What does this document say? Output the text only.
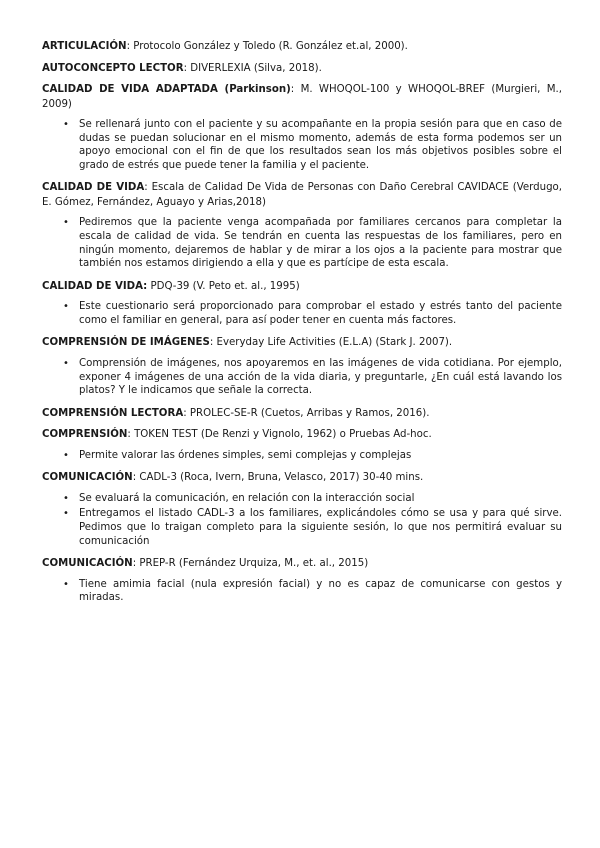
ARTICULACIÓN: Protocolo González y Toledo (R. González et.al, 2000).

AUTOCONCEPTO LECTOR: DIVERLEXIA (Silva, 2018).

CALIDAD DE VIDA ADAPTADA (Parkinson): M. WHOQOL-100 y WHOQOL-BREF (Murgieri, M., 2009)

• Se rellenará junto con el paciente y su acompañante en la propia sesión para que en caso de dudas se puedan solucionar en el mismo momento, además de esta forma podemos ser un apoyo emocional con el fin de que los resultados sean los más objetivos posibles sobre el grado de estrés que puede tener la familia y el paciente.

CALIDAD DE VIDA: Escala de Calidad De Vida de Personas con Daño Cerebral CAVIDACE (Verdugo, E. Gómez, Fernández, Aguayo y Arias,2018)

• Pediremos que la paciente venga acompañada por familiares cercanos para completar la escala de calidad de vida. Se tendrán en cuenta las respuestas de los familiares, pero en ningún momento, dejaremos de hablar y de mirar a los ojos a la paciente para mostrar que también nos estamos dirigiendo a ella y que es partícipe de esta escala.

CALIDAD DE VIDA: PDQ-39 (V. Peto et. al., 1995)

• Este cuestionario será proporcionado para comprobar el estado y estrés tanto del paciente como el familiar en general, para así poder tener en cuenta más factores.

COMPRENSIÓN DE IMÁGENES: Everyday Life Activities (E.L.A) (Stark J. 2007).

• Comprensión de imágenes, nos apoyaremos en las imágenes de vida cotidiana. Por ejemplo, exponer 4 imágenes de una acción de la vida diaria, y preguntarle, ¿En cuál está lavando los platos? Y le indicamos que señale la correcta.

COMPRENSIÓN LECTORA: PROLEC-SE-R (Cuetos, Arribas y Ramos, 2016).

COMPRENSIÓN: TOKEN TEST (De Renzi y Vignolo, 1962) o Pruebas Ad-hoc.

• Permite valorar las órdenes simples, semi complejas y complejas

COMUNICACIÓN: CADL-3 (Roca, Ivern, Bruna, Velasco, 2017) 30-40 mins.

• Se evaluará la comunicación, en relación con la interacción social
• Entregamos el listado CADL-3 a los familiares, explicándoles cómo se usa y para qué sirve. Pedimos que lo traigan completo para la siguiente sesión, lo que nos permitirá evaluar su comunicación

COMUNICACIÓN: PREP-R (Fernández Urquiza, M., et. al., 2015)

• Tiene amimia facial (nula expresión facial) y no es capaz de comunicarse con gestos y miradas.
